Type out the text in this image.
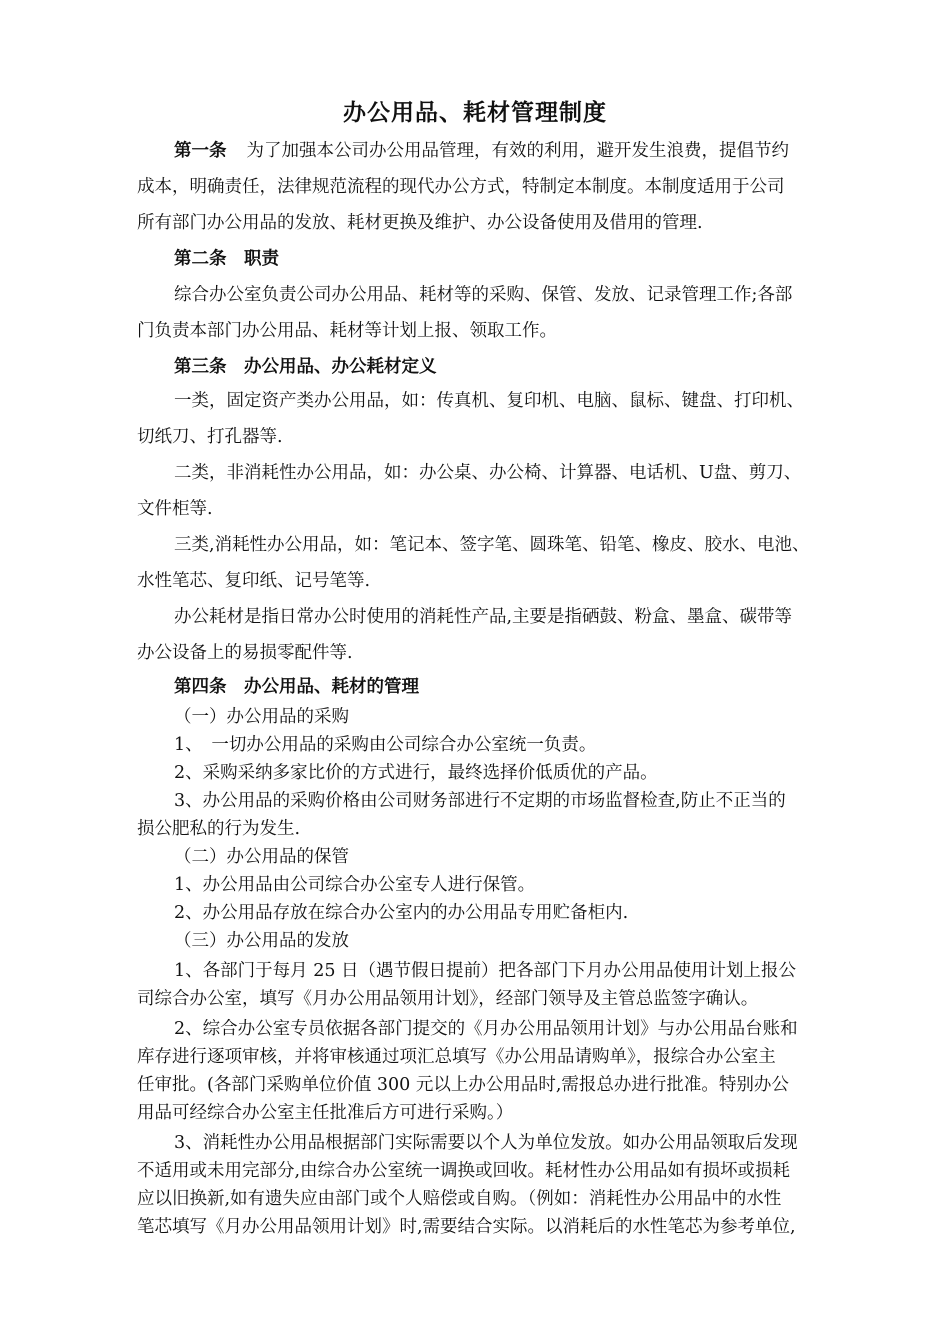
办公用品、耗材管理制度
第一条 为了加强本公司办公用品管理，有效的利用，避开发生浪费，提倡节约
成本，明确责任，法律规范流程的现代办公方式，特制定本制度。本制度适用于公司
所有部门办公用品的发放、耗材更换及维护、办公设备使用及借用的管理.
第二条　职责
综合办公室负责公司办公用品、耗材等的采购、保管、发放、记录管理工作;各部
门负责本部门办公用品、耗材等计划上报、领取工作。
第三条　办公用品、办公耗材定义
一类，固定资产类办公用品，如：传真机、复印机、电脑、鼠标、键盘、打印机、
切纸刀、打孔器等.
二类，非消耗性办公用品，如：办公桌、办公椅、计算器、电话机、U盘、剪刀、
文件柜等.
三类,消耗性办公用品，如：笔记本、签字笔、圆珠笔、铅笔、橡皮、胶水、电池、
水性笔芯、复印纸、记号笔等.
办公耗材是指日常办公时使用的消耗性产品,主要是指硒鼓、粉盒、墨盒、碳带等
办公设备上的易损零配件等.
第四条　办公用品、耗材的管理
（一）办公用品的采购
1、　一切办公用品的采购由公司综合办公室统一负责。
2、采购采纳多家比价的方式进行，最终选择价低质优的产品。
3、办公用品的采购价格由公司财务部进行不定期的市场监督检查,防止不正当的
损公肥私的行为发生.
（二）办公用品的保管
1、办公用品由公司综合办公室专人进行保管。
2、办公用品存放在综合办公室内的办公用品专用贮备柜内.
（三）办公用品的发放
1、各部门于每月 25 日（遇节假日提前）把各部门下月办公用品使用计划上报公
司综合办公室，填写《月办公用品领用计划》，经部门领导及主管总监签字确认。
2、综合办公室专员依据各部门提交的《月办公用品领用计划》与办公用品台账和
库存进行逐项审核，并将审核通过项汇总填写《办公用品请购单》，报综合办公室主
任审批。(各部门采购单位价值 300 元以上办公用品时,需报总办进行批准。特别办公
用品可经综合办公室主任批准后方可进行采购。）
3、消耗性办公用品根据部门实际需要以个人为单位发放。如办公用品领取后发现
不适用或未用完部分,由综合办公室统一调换或回收。耗材性办公用品如有损坏或损耗
应以旧换新,如有遗失应由部门或个人赔偿或自购。（例如：消耗性办公用品中的水性
笔芯填写《月办公用品领用计划》时,需要结合实际。以消耗后的水性笔芯为参考单位,
